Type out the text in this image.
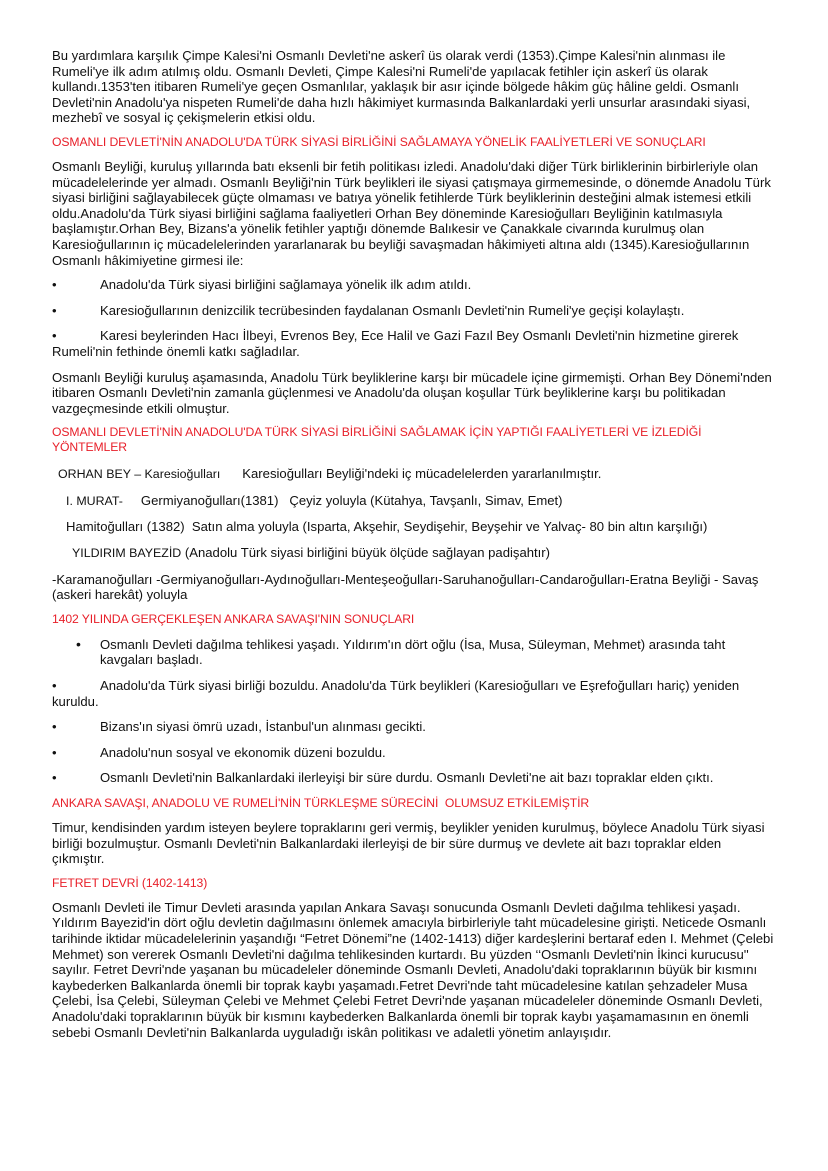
Bu yardımlara karşılık Çimpe Kalesi'ni Osmanlı Devleti'ne askerî üs olarak verdi (1353).Çimpe Kalesi'nin alınması ile Rumeli'ye ilk adım atılmış oldu. Osmanlı Devleti, Çimpe Kalesi'ni Rumeli'de yapılacak fetihler için askerî üs olarak kullandı.1353'ten itibaren Rumeli'ye geçen Osmanlılar, yaklaşık bir asır içinde bölgede hâkim güç hâline geldi. Osmanlı Devleti'nin Anadolu'ya nispeten Rumeli'de daha hızlı hâkimiyet kurmasında Balkanlardaki yerli unsurlar arasındaki siyasi, mezhebî ve sosyal iç çekişmelerin etkisi oldu.

OSMANLI DEVLETİ'NİN ANADOLU'DA TÜRK SİYASİ BİRLİĞİNİ SAĞLAMAYA YÖNELİK FAALİYETLERİ VE SONUÇLARI

Osmanlı Beyliği, kuruluş yıllarında batı eksenli bir fetih politikası izledi. Anadolu'daki diğer Türk birliklerinin birbirleriyle olan mücadelelerinde yer almadı. Osmanlı Beyliği'nin Türk beylikleri ile siyasi çatışmaya girmemesinde, o dönemde Anadolu Türk siyasi birliğini sağlayabilecek güçte olmaması ve batıya yönelik fetihlerde Türk beyliklerinin desteğini almak istemesi etkili oldu.Anadolu'da Türk siyasi birliğini sağlama faaliyetleri Orhan Bey döneminde Karesioğulları Beyliğinin katılmasıyla başlamıştır.Orhan Bey, Bizans'a yönelik fetihler yaptığı dönemde Balıkesir ve Çanakkale civarında kurulmuş olan Karesioğullarının iç mücadelelerinden yararlanarak bu beyliği savaşmadan hâkimiyeti altına aldı (1345).Karesioğullarının Osmanlı hâkimiyetine girmesi ile:

•	Anadolu'da Türk siyasi birliğini sağlamaya yönelik ilk adım atıldı.
•	Karesioğullarının denizcilik tecrübesinden faydalanan Osmanlı Devleti'nin Rumeli'ye geçişi kolaylaştı.
•	Karesi beylerinden Hacı İlbeyi, Evrenos Bey, Ece Halil ve Gazi Fazıl Bey Osmanlı Devleti'nin hizmetine girerek Rumeli'nin fethinde önemli katkı sağladılar.

Osmanlı Beyliği kuruluş aşamasında, Anadolu Türk beyliklerine karşı bir mücadele içine girmemişti. Orhan Bey Dönemi'nden itibaren Osmanlı Devleti'nin zamanla güçlenmesi ve Anadolu'da oluşan koşullar Türk beyliklerine karşı bu politikadan vazgeçmesinde etkili olmuştur.

OSMANLI DEVLETİ'NİN ANADOLU'DA TÜRK SİYASİ BİRLİĞİNİ SAĞLAMAK İÇİN YAPTIĞI FAALİYETLERİ VE İZLEDİĞİ YÖNTEMLER

ORHAN BEY – Karesioğulları Karesioğulları Beyliği'ndeki iç mücadelelerden yararlanılmıştır.
I. MURAT- Germiyanoğulları(1381)   Çeyiz yoluyla (Kütahya, Tavşanlı, Simav, Emet)
Hamitoğulları (1382)  Satın alma yoluyla (Isparta, Akşehir, Seydişehir, Beyşehir ve Yalvaç- 80 bin altın karşılığı)
YILDIRIM BAYEZİD (Anadolu Türk siyasi birliğini büyük ölçüde sağlayan padişahtır)

-Karamanoğulları -Germiyanoğulları-Aydınoğulları-Menteşeoğulları-Saruhanoğulları-Candaroğulları-Eratna Beyliği - Savaş (askeri harekât) yoluyla

1402 YILINDA GERÇEKLEŞEN ANKARA SAVAŞI'NIN SONUÇLARI

• Osmanlı Devleti dağılma tehlikesi yaşadı. Yıldırım'ın dört oğlu (İsa, Musa, Süleyman, Mehmet) arasında taht kavgaları başladı.
•	Anadolu'da Türk siyasi birliği bozuldu. Anadolu'da Türk beylikleri (Karesioğulları ve Eşrefoğulları hariç) yeniden kuruldu.
•	Bizans'ın siyasi ömrü uzadı, İstanbul'un alınması gecikti.
•	Anadolu'nun sosyal ve ekonomik düzeni bozuldu.
•	Osmanlı Devleti'nin Balkanlardaki ilerleyişi bir süre durdu. Osmanlı Devleti'ne ait bazı topraklar elden çıktı.

ANKARA SAVAŞI, ANADOLU VE RUMELİ'NİN TÜRKLEŞME SÜRECİNİ  OLUMSUZ ETKİLEMİŞTİR

Timur, kendisinden yardım isteyen beylere topraklarını geri vermiş, beylikler yeniden kurulmuş, böylece Anadolu Türk siyasi birliği bozulmuştur. Osmanlı Devleti'nin Balkanlardaki ilerleyişi de bir süre durmuş ve devlete ait bazı topraklar elden çıkmıştır.

FETRET DEVRİ (1402-1413)

Osmanlı Devleti ile Timur Devleti arasında yapılan Ankara Savaşı sonucunda Osmanlı Devleti dağılma tehlikesi yaşadı. Yıldırım Bayezid'in dört oğlu devletin dağılmasını önlemek amacıyla birbirleriyle taht mücadelesine girişti. Neticede Osmanlı tarihinde iktidar mücadelelerinin yaşandığı “Fetret Dönemi”ne (1402-1413) diğer kardeşlerini bertaraf eden I. Mehmet (Çelebi Mehmet) son vererek Osmanlı Devleti'ni dağılma tehlikesinden kurtardı. Bu yüzden ‘‘Osmanlı Devleti'nin İkinci kurucusu'' sayılır. Fetret Devri'nde yaşanan bu mücadeleler döneminde Osmanlı Devleti, Anadolu'daki topraklarının büyük bir kısmını kaybederken Balkanlarda önemli bir toprak kaybı yaşamadı.Fetret Devri'nde taht mücadelesine katılan şehzadeler Musa Çelebi, İsa Çelebi, Süleyman Çelebi ve Mehmet Çelebi Fetret Devri'nde yaşanan mücadeleler döneminde Osmanlı Devleti, Anadolu'daki topraklarının büyük bir kısmını kaybederken Balkanlarda önemli bir toprak kaybı yaşamamasının en önemli sebebi Osmanlı Devleti'nin Balkanlarda uyguladığı iskân politikası ve adaletli yönetim anlayışıdır.
